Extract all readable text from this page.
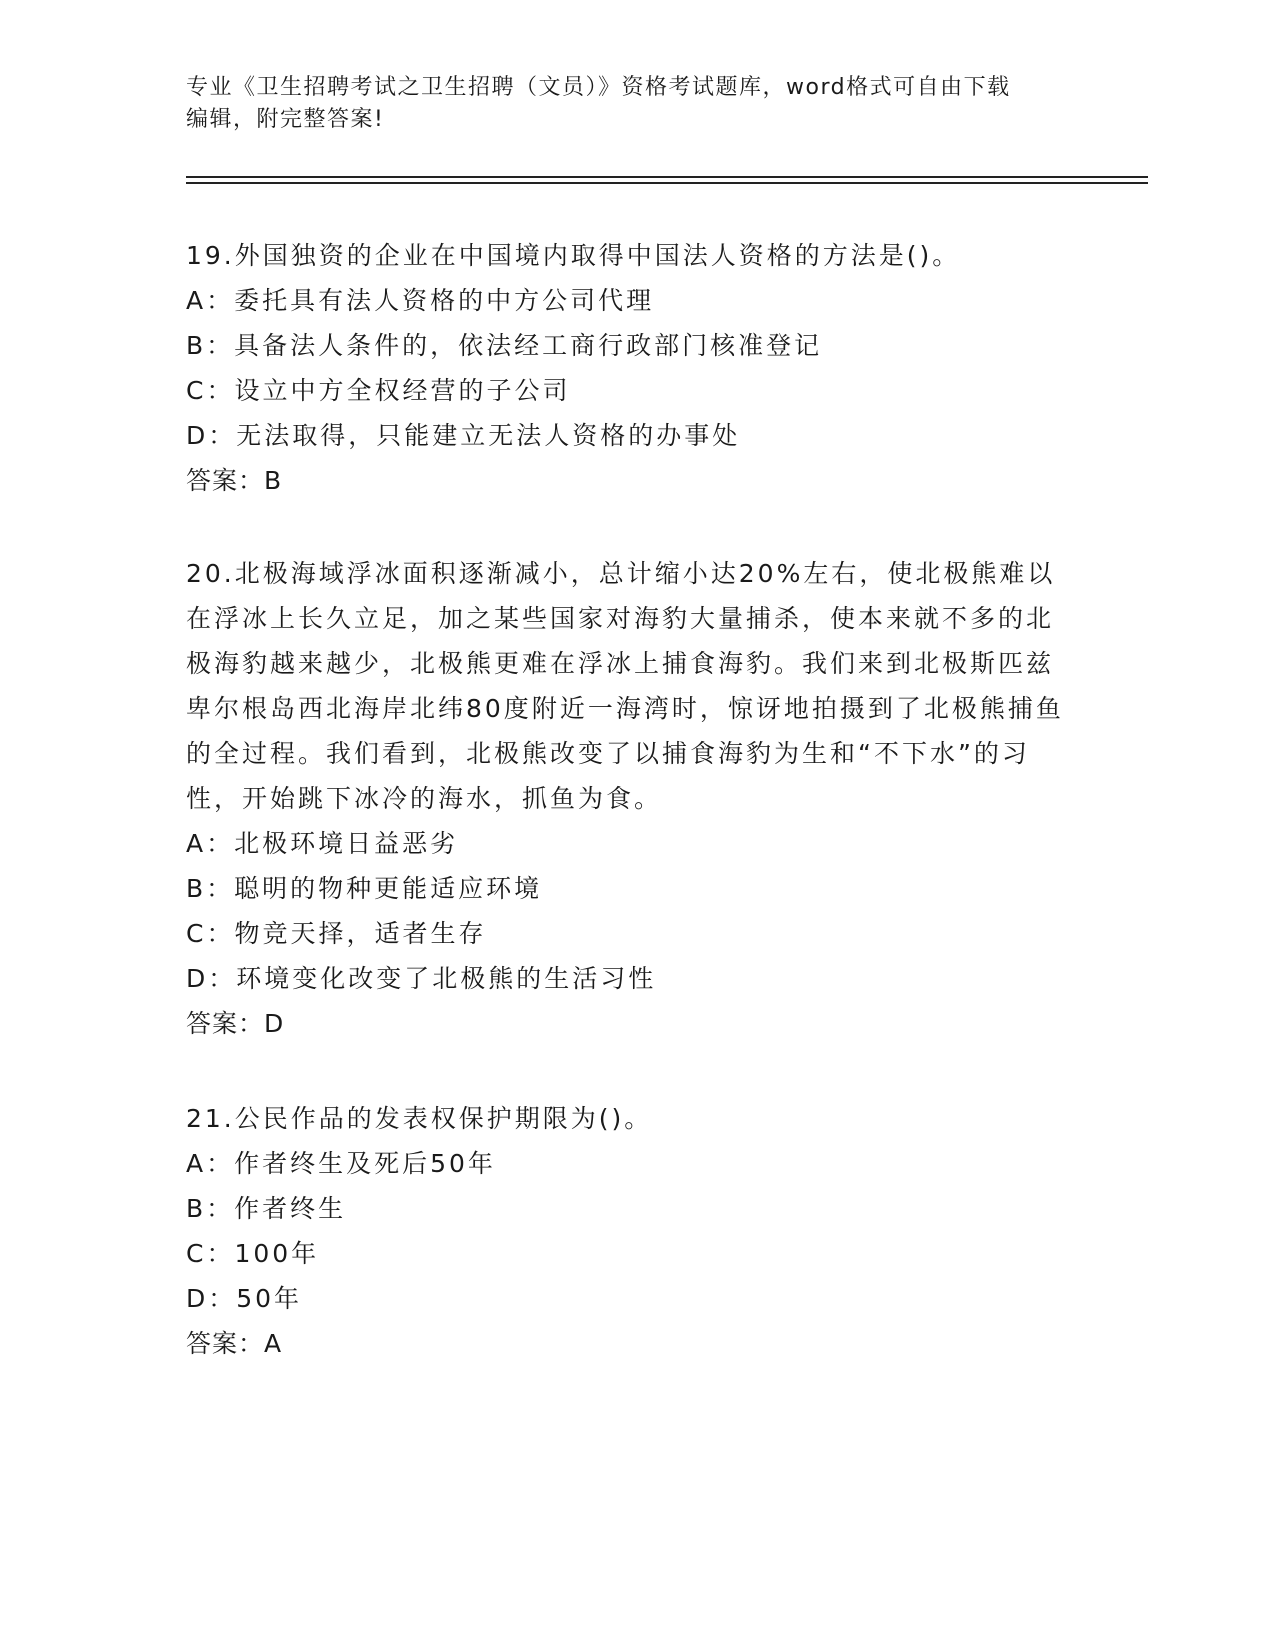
专业《卫生招聘考试之卫生招聘（文员）》资格考试题库，word格式可自由下载
编辑，附完整答案!
19.外国独资的企业在中国境内取得中国法人资格的方法是()。
A：委托具有法人资格的中方公司代理
B：具备法人条件的，依法经工商行政部门核准登记
C：设立中方全权经营的子公司
D：无法取得，只能建立无法人资格的办事处
答案：B
20.北极海域浮冰面积逐渐减小，总计缩小达20%左右，使北极熊难以在浮冰上长久立足，加之某些国家对海豹大量捕杀，使本来就不多的北极海豹越来越少，北极熊更难在浮冰上捕食海豹。我们来到北极斯匹兹卑尔根岛西北海岸北纬80度附近一海湾时，惊讶地拍摄到了北极熊捕鱼的全过程。我们看到，北极熊改变了以捕食海豹为生和“不下水”的习性，开始跳下冰冷的海水，抓鱼为食。
A：北极环境日益恶劣
B：聪明的物种更能适应环境
C：物竞天择，适者生存
D：环境变化改变了北极熊的生活习性
答案：D
21.公民作品的发表权保护期限为()。
A：作者终生及死后50年
B：作者终生
C：100年
D：50年
答案：A
